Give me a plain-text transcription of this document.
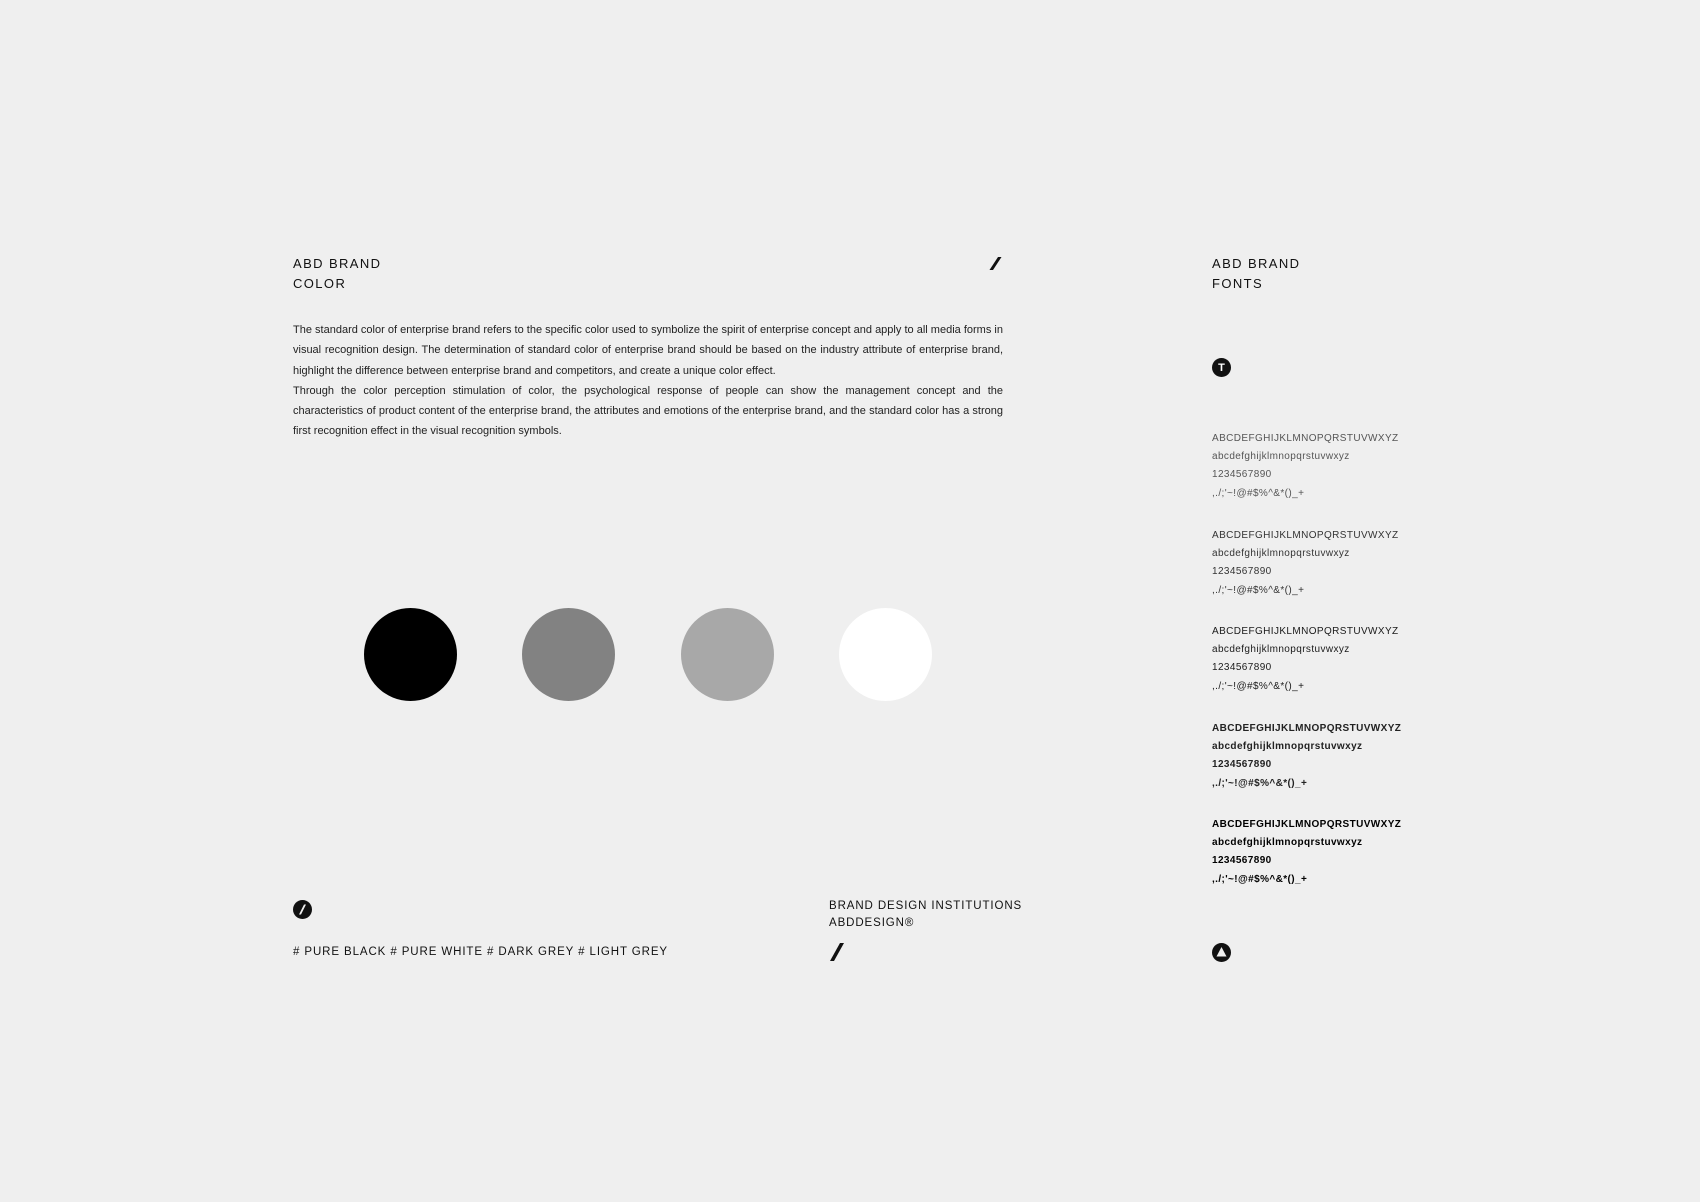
ABD BRAND
COLOR

The standard color of enterprise brand refers to the specific color used to symbolize the spirit of enterprise concept and apply to all media forms in visual recognition design. The determination of standard color of enterprise brand should be based on the industry attribute of enterprise brand, highlight the difference between enterprise brand and competitors, and create a unique color effect.

Through the color perception stimulation of color, the psychological response of people can show the management concept and the characteristics of product content of the enterprise brand, the attributes and emotions of the enterprise brand, and the standard color has a strong first recognition effect in the visual recognition symbols.

# PURE BLACK # PURE WHITE # DARK GREY # LIGHT GREY
BRAND DESIGN INSTITUTIONS
ABDDESIGN®
ABD BRAND
FONTS
T
ABCDEFGHIJKLMNOPQRSTUVWXYZ
abcdefghijklmnopqrstuvwxyz
1234567890
,./;'~!@#$%^&*()_+
ABCDEFGHIJKLMNOPQRSTUVWXYZ
abcdefghijklmnopqrstuvwxyz
1234567890
,./;'~!@#$%^&*()_+
ABCDEFGHIJKLMNOPQRSTUVWXYZ
abcdefghijklmnopqrstuvwxyz
1234567890
,./;'~!@#$%^&*()_+
ABCDEFGHIJKLMNOPQRSTUVWXYZ
abcdefghijklmnopqrstuvwxyz
1234567890
,./;'~!@#$%^&*()_+
ABCDEFGHIJKLMNOPQRSTUVWXYZ
abcdefghijklmnopqrstuvwxyz
1234567890
,./;'~!@#$%^&*()_+
